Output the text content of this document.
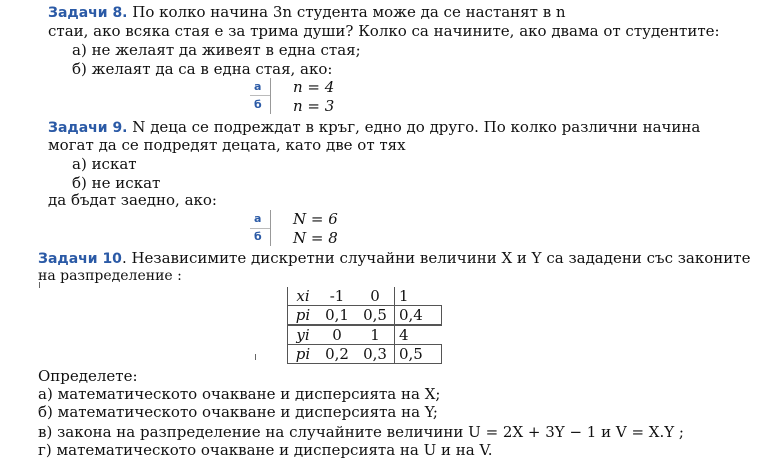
Задачи 8. По колко начина 3n студента може да се настанят в n
стаи, ако всяка стая е за трима души? Колко са начините, ако двама от студентите:
а) не желаят да живеят в една стая;
б) желаят да са в една стая, ако:
а n = 4
б n = 3
Задачи 9. N деца се подреждат в кръг, едно до друго. По колко различни начина
могат да се подредят децата, като две от тях
а) искат
б) не искат
да бъдат заедно, ако:
а N = 6
б N = 8
Задачи 10. Независимите дискретни случайни величини X и Y са зададени със законите
на разпределение :
xi	-1	0	1
pi	0,1	0,5	0,4
yi	0	1	4
pi	0,2	0,3	0,5
Определете:
а) математическото очакване и дисперсията на X;
б) математическото очакване и дисперсията на Y;
в) закона на разпределение на случайните величини U = 2X + 3Y − 1 и V = X.Y ;
г) математическото очакване и дисперсията на U и на V.
